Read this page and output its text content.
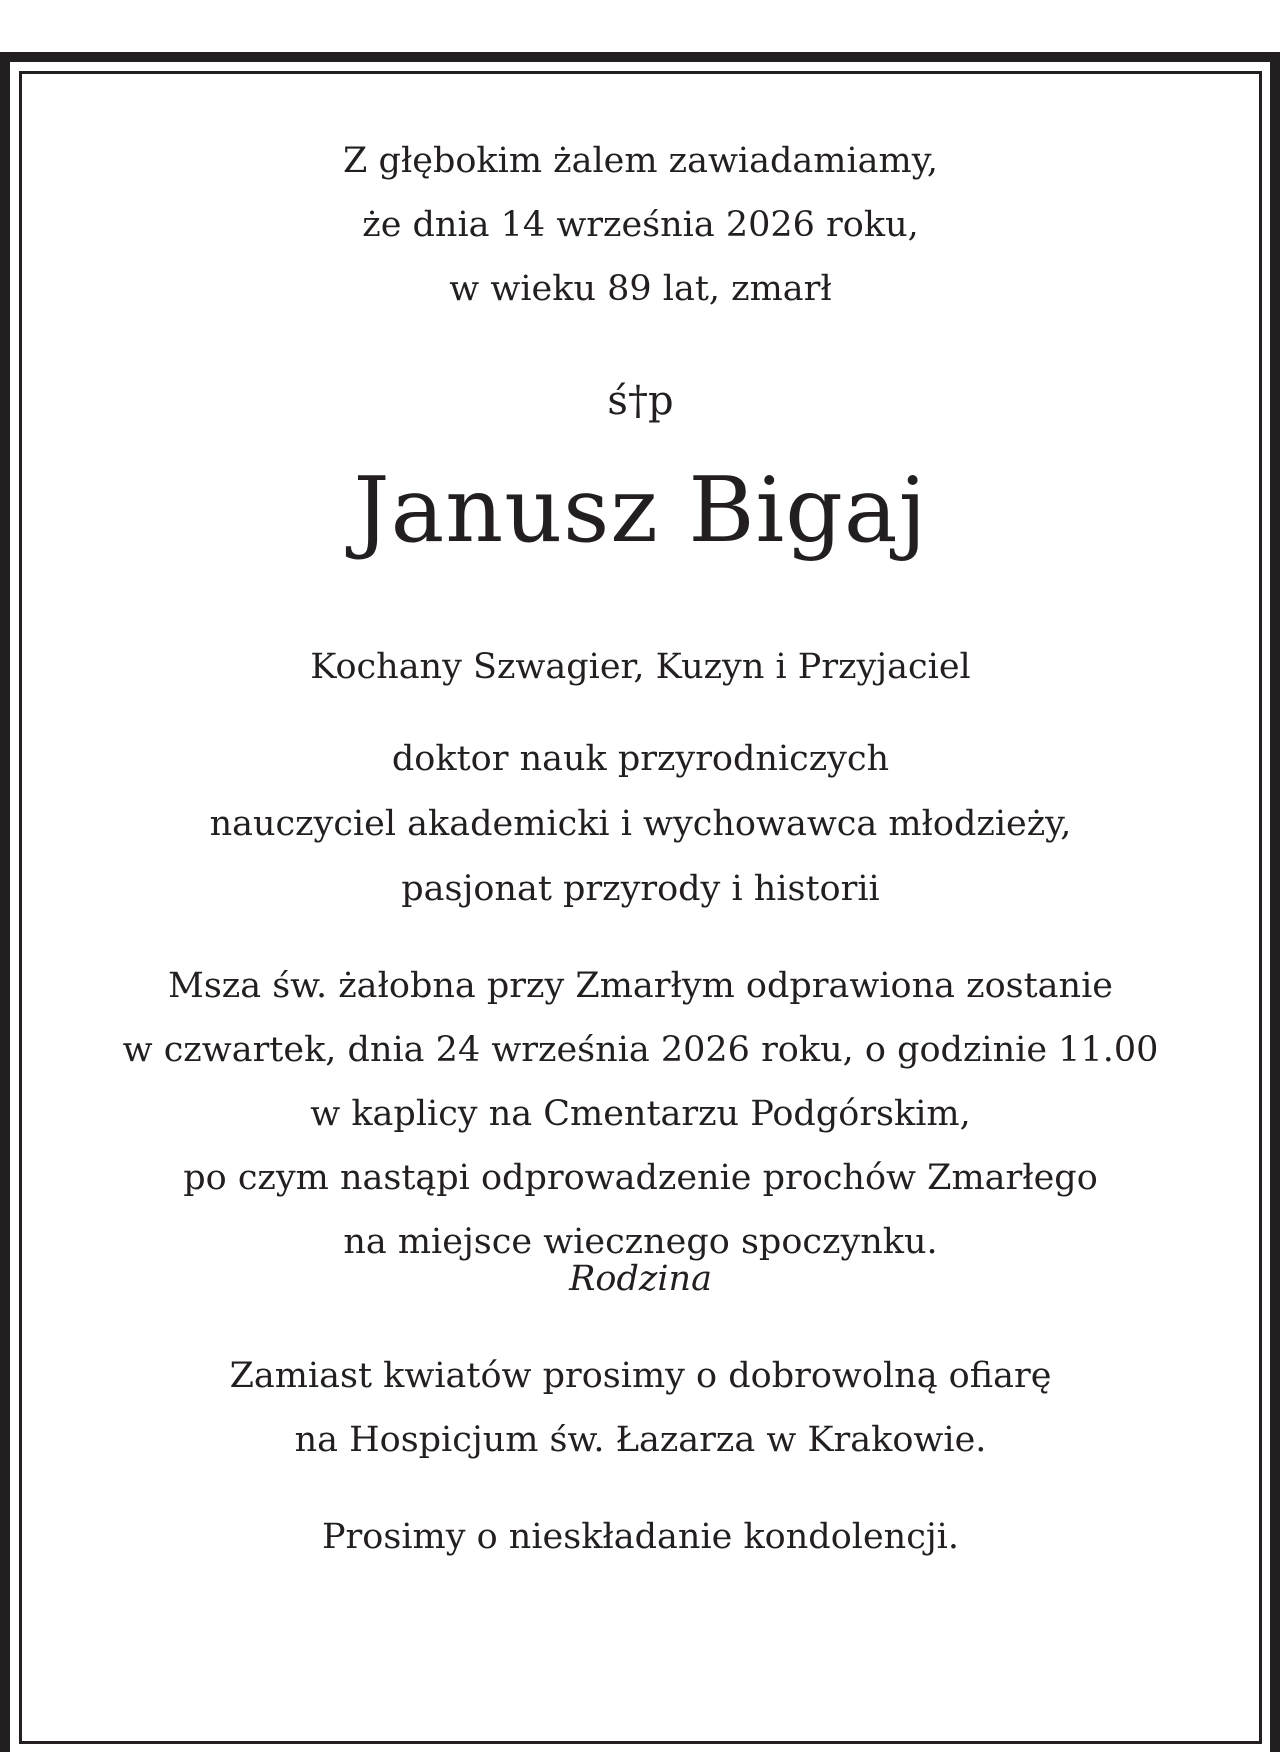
Z głębokim żalem zawiadamiamy,
że dnia 14 września 2026 roku,
w wieku 89 lat, zmarł
ś†p
Janusz Bigaj
Kochany Szwagier, Kuzyn i Przyjaciel
doktor nauk przyrodniczych
nauczyciel akademicki i wychowawca młodzieży,
pasjonat przyrody i historii
Msza św. żałobna przy Zmarłym odprawiona zostanie
w czwartek, dnia 24 września 2026 roku, o godzinie 11.00
w kaplicy na Cmentarzu Podgórskim,
po czym nastąpi odprowadzenie prochów Zmarłego
na miejsce wiecznego spoczynku.
Rodzina
Zamiast kwiatów prosimy o dobrowolną ofiarę
na Hospicjum św. Łazarza w Krakowie.
Prosimy o nieskładanie kondolencji.
